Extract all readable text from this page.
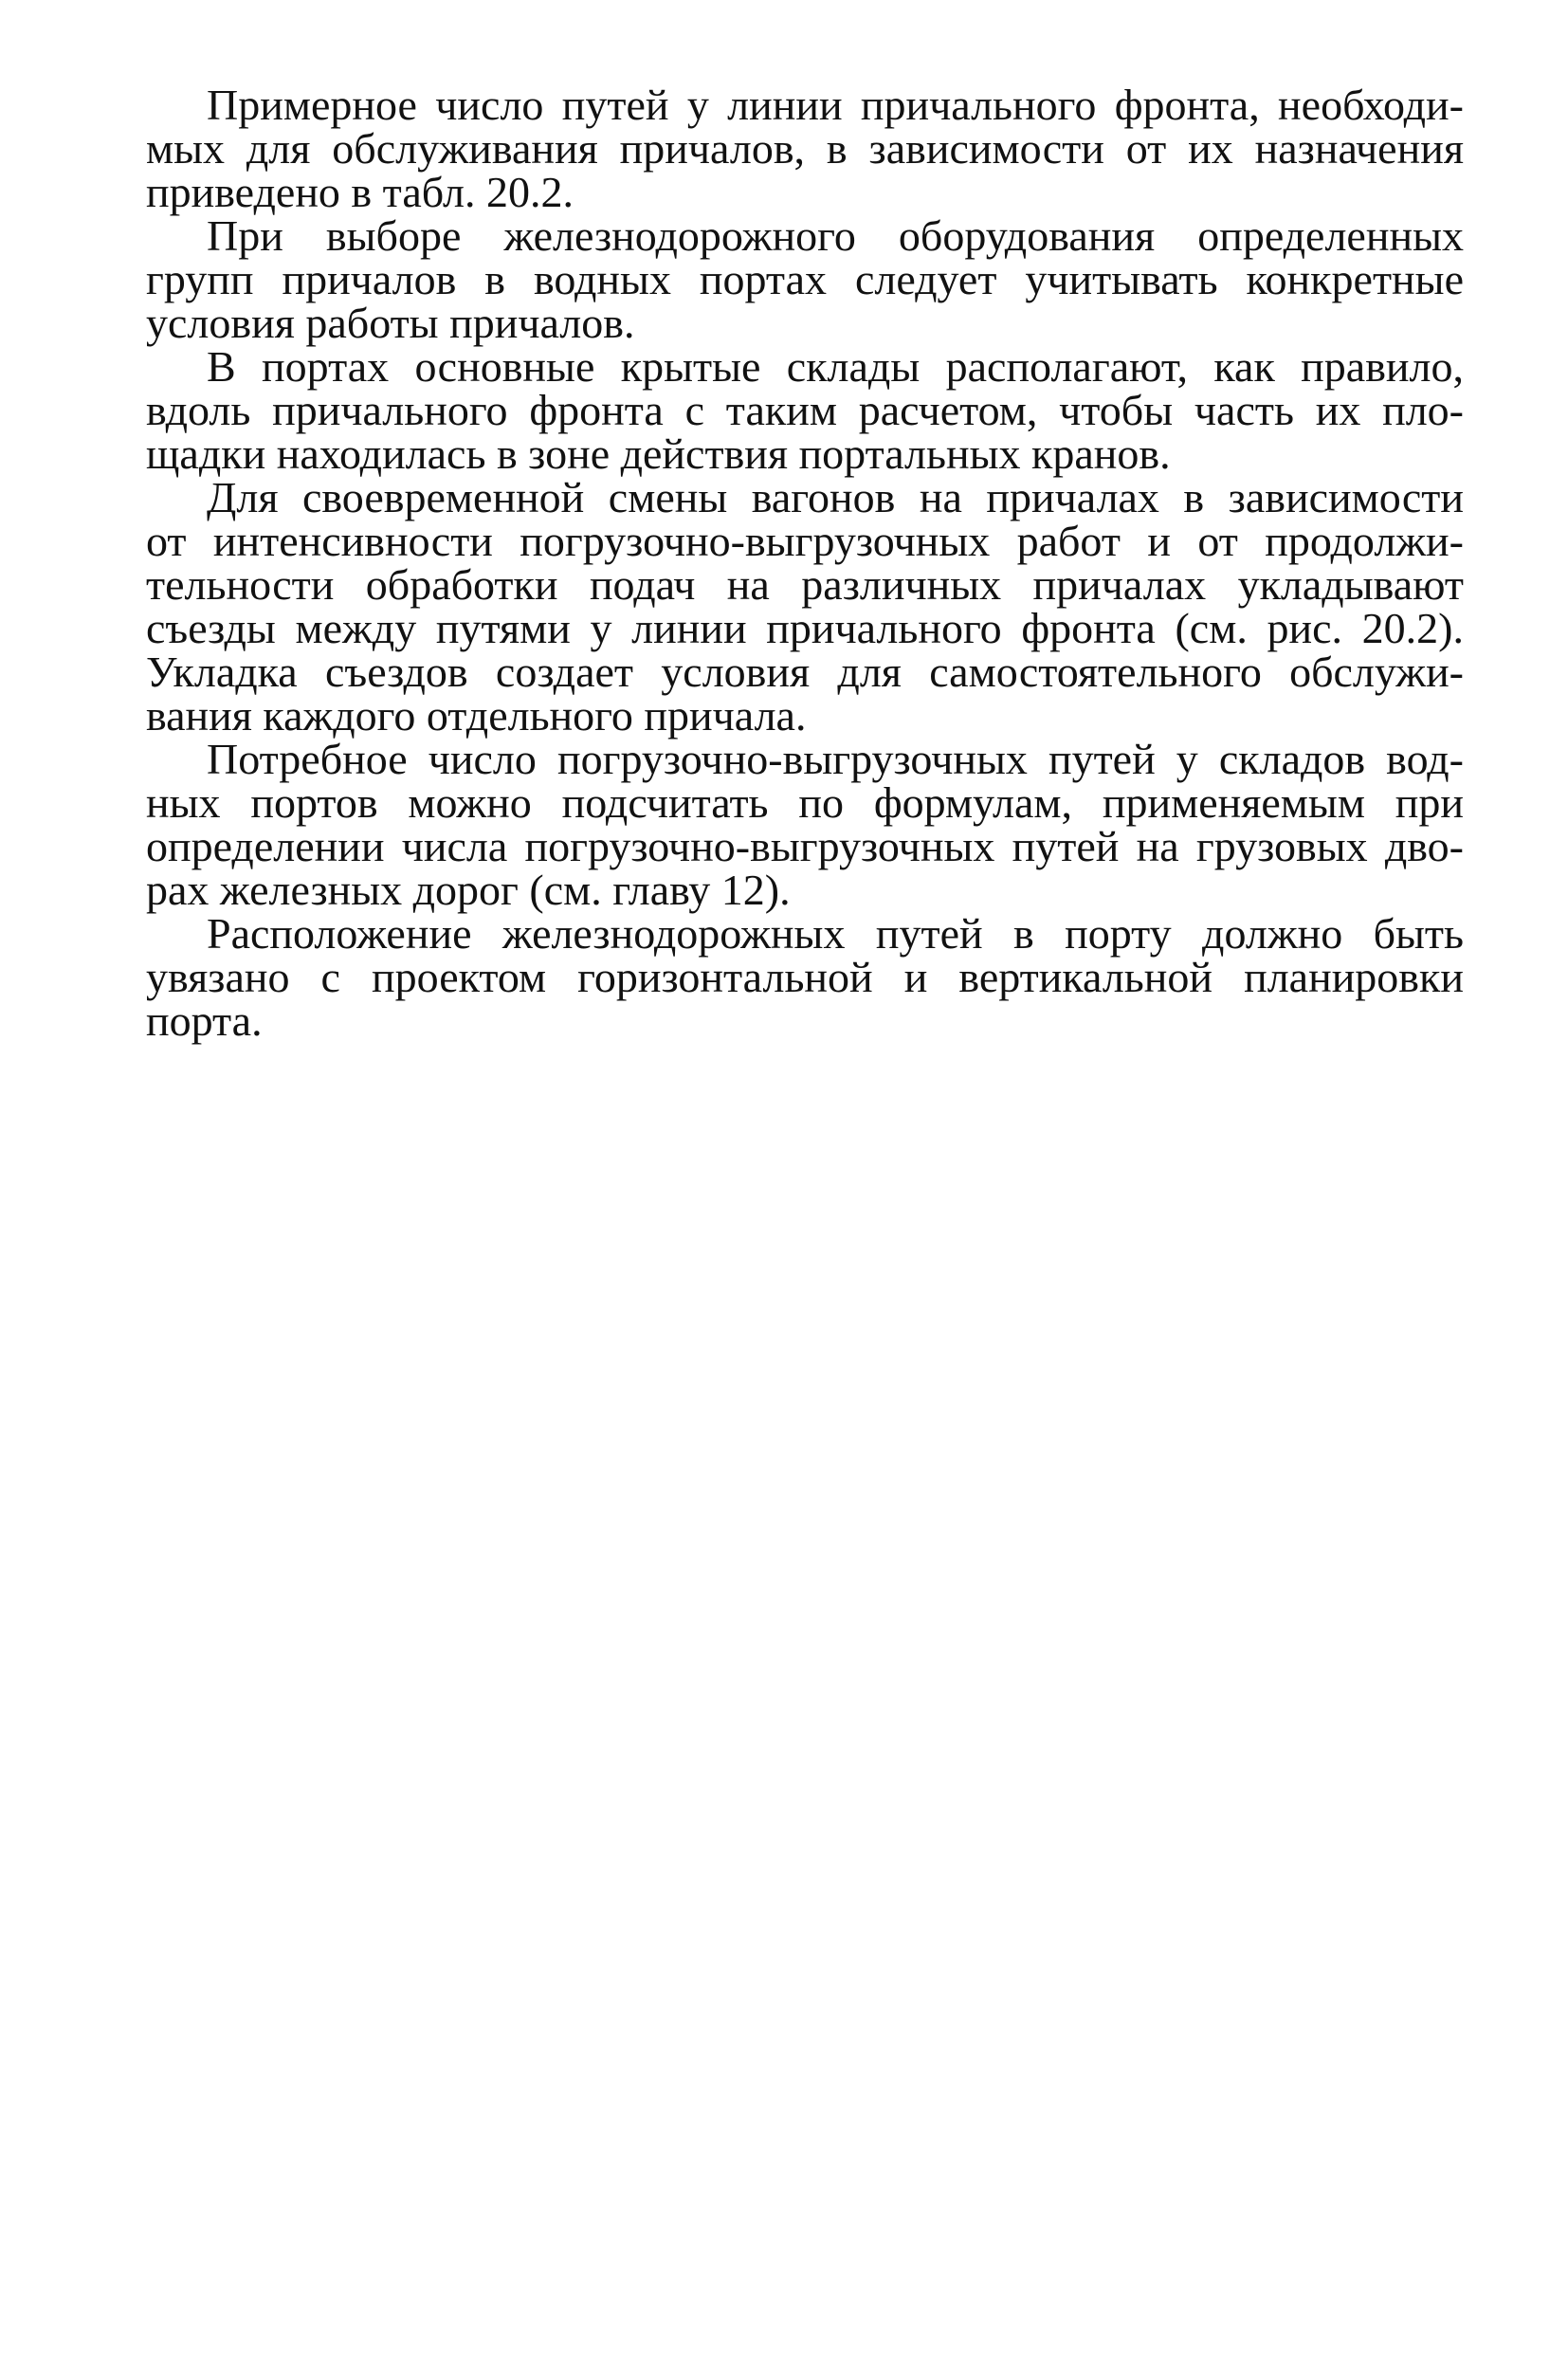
Примерное число путей у линии причального фронта, необходи-
мых для обслуживания причалов, в зависимости от их назначения
приведено в табл. 20.2.
При выборе железнодорожного оборудования определенных
групп причалов в водных портах следует учитывать конкретные
условия работы причалов.
В портах основные крытые склады располагают, как правило,
вдоль причального фронта с таким расчетом, чтобы часть их пло-
щадки находилась в зоне действия портальных кранов.
Для своевременной смены вагонов на причалах в зависимости
от интенсивности погрузочно-выгрузочных работ и от продолжи-
тельности обработки подач на различных причалах укладывают
съезды между путями у линии причального фронта (см. рис. 20.2).
Укладка съездов создает условия для самостоятельного обслужи-
вания каждого отдельного причала.
Потребное число погрузочно-выгрузочных путей у складов вод-
ных портов можно подсчитать по формулам, применяемым при
определении числа погрузочно-выгрузочных путей на грузовых дво-
рах железных дорог (см. главу 12).
Расположение железнодорожных путей в порту должно быть
увязано с проектом горизонтальной и вертикальной планировки
порта.
